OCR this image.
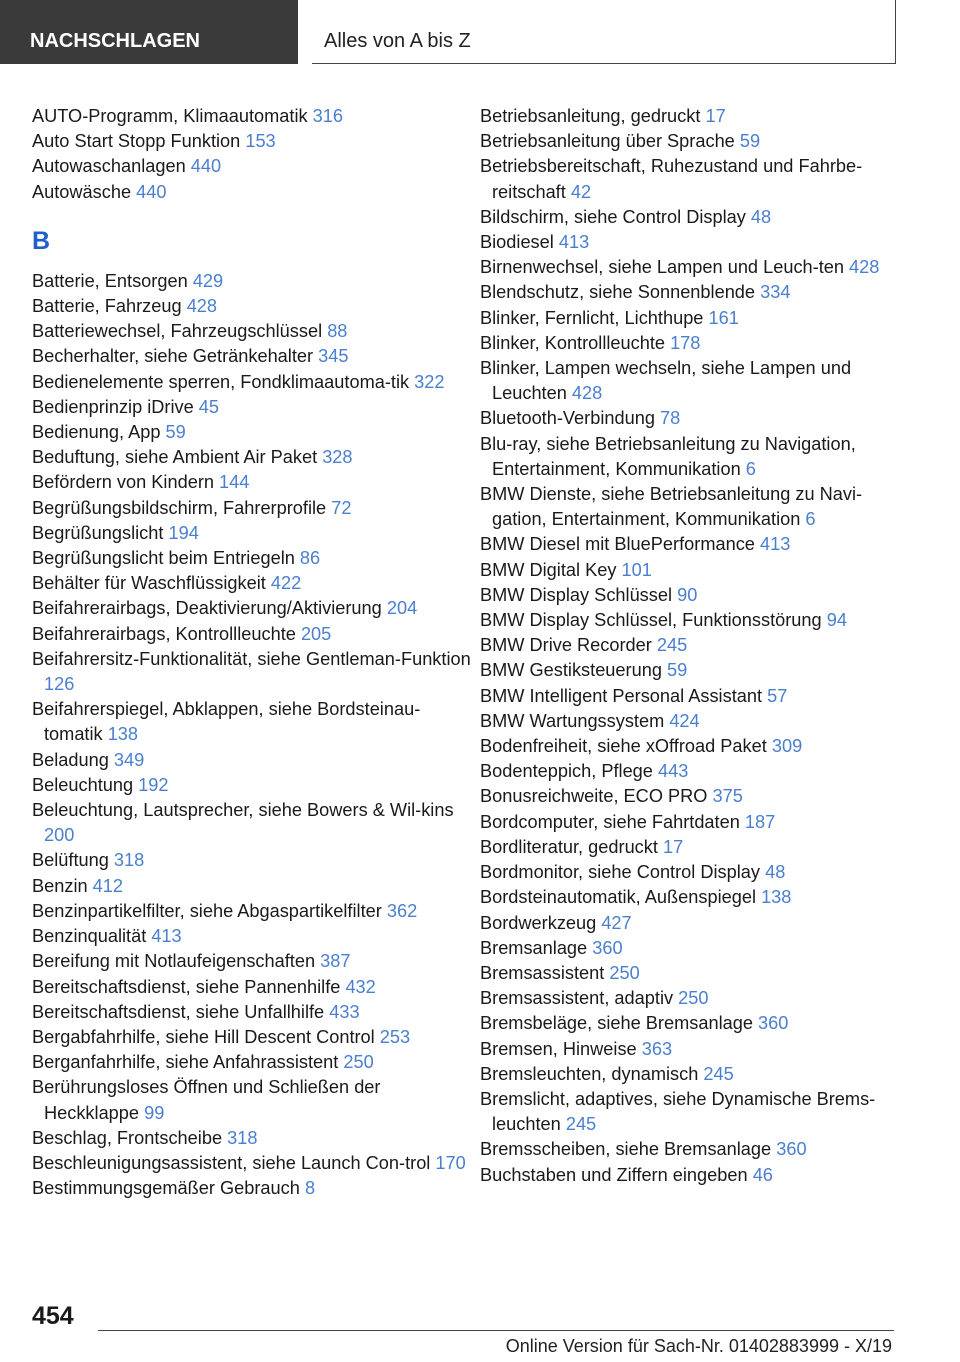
NACHSCHLAGEN	Alles von A bis Z
AUTO-Programm, Klimaautomatik 316
Auto Start Stopp Funktion 153
Autowaschanlagen 440
Autowäsche 440
B
Batterie, Entsorgen 429
Batterie, Fahrzeug 428
Batteriewechsel, Fahrzeugschlüssel 88
Becherhalter, siehe Getränkehalter 345
Bedienelemente sperren, Fondklimaautoma-tik 322
Bedienprinzip iDrive 45
Bedienung, App 59
Beduftung, siehe Ambient Air Paket 328
Befördern von Kindern 144
Begrüßungsbildschirm, Fahrerprofile 72
Begrüßungslicht 194
Begrüßungslicht beim Entriegeln 86
Behälter für Waschflüssigkeit 422
Beifahrerairbags, Deaktivierung/Aktivierung 204
Beifahrerairbags, Kontrollleuchte 205
Beifahrersitz-Funktionalität, siehe Gentleman-Funktion 126
Beifahrerspiegel, Abklappen, siehe Bordsteinau-tomatik 138
Beladung 349
Beleuchtung 192
Beleuchtung, Lautsprecher, siehe Bowers & Wil-kins 200
Belüftung 318
Benzin 412
Benzinpartikelfilter, siehe Abgaspartikelfilter 362
Benzinqualität 413
Bereifung mit Notlaufeigenschaften 387
Bereitschaftsdienst, siehe Pannenhilfe 432
Bereitschaftsdienst, siehe Unfallhilfe 433
Bergabfahrhilfe, siehe Hill Descent Control 253
Berganfahrhilfe, siehe Anfahrassistent 250
Berührungsloses Öffnen und Schließen der Heckklappe 99
Beschlag, Frontscheibe 318
Beschleunigungsassistent, siehe Launch Con-trol 170
Bestimmungsgemäßer Gebrauch 8
Betriebsanleitung, gedruckt 17
Betriebsanleitung über Sprache 59
Betriebsbereitschaft, Ruhezustand und Fahrbe-reitschaft 42
Bildschirm, siehe Control Display 48
Biodiesel 413
Birnenwechsel, siehe Lampen und Leuch-ten 428
Blendschutz, siehe Sonnenblende 334
Blinker, Fernlicht, Lichthupe 161
Blinker, Kontrollleuchte 178
Blinker, Lampen wechseln, siehe Lampen und Leuchten 428
Bluetooth-Verbindung 78
Blu-ray, siehe Betriebsanleitung zu Navigation, Entertainment, Kommunikation 6
BMW Dienste, siehe Betriebsanleitung zu Navi-gation, Entertainment, Kommunikation 6
BMW Diesel mit BluePerformance 413
BMW Digital Key 101
BMW Display Schlüssel 90
BMW Display Schlüssel, Funktionsstörung 94
BMW Drive Recorder 245
BMW Gestiksteuerung 59
BMW Intelligent Personal Assistant 57
BMW Wartungssystem 424
Bodenfreiheit, siehe xOffroad Paket 309
Bodenteppich, Pflege 443
Bonusreichweite, ECO PRO 375
Bordcomputer, siehe Fahrtdaten 187
Bordliteratur, gedruckt 17
Bordmonitor, siehe Control Display 48
Bordsteinautomatik, Außenspiegel 138
Bordwerkzeug 427
Bremsanlage 360
Bremsassistent 250
Bremsassistent, adaptiv 250
Bremsbeläge, siehe Bremsanlage 360
Bremsen, Hinweise 363
Bremsleuchten, dynamisch 245
Bremslicht, adaptives, siehe Dynamische Brems-leuchten 245
Bremsscheiben, siehe Bremsanlage 360
Buchstaben und Ziffern eingeben 46
454
Online Version für Sach-Nr. 01402883999 - X/19
